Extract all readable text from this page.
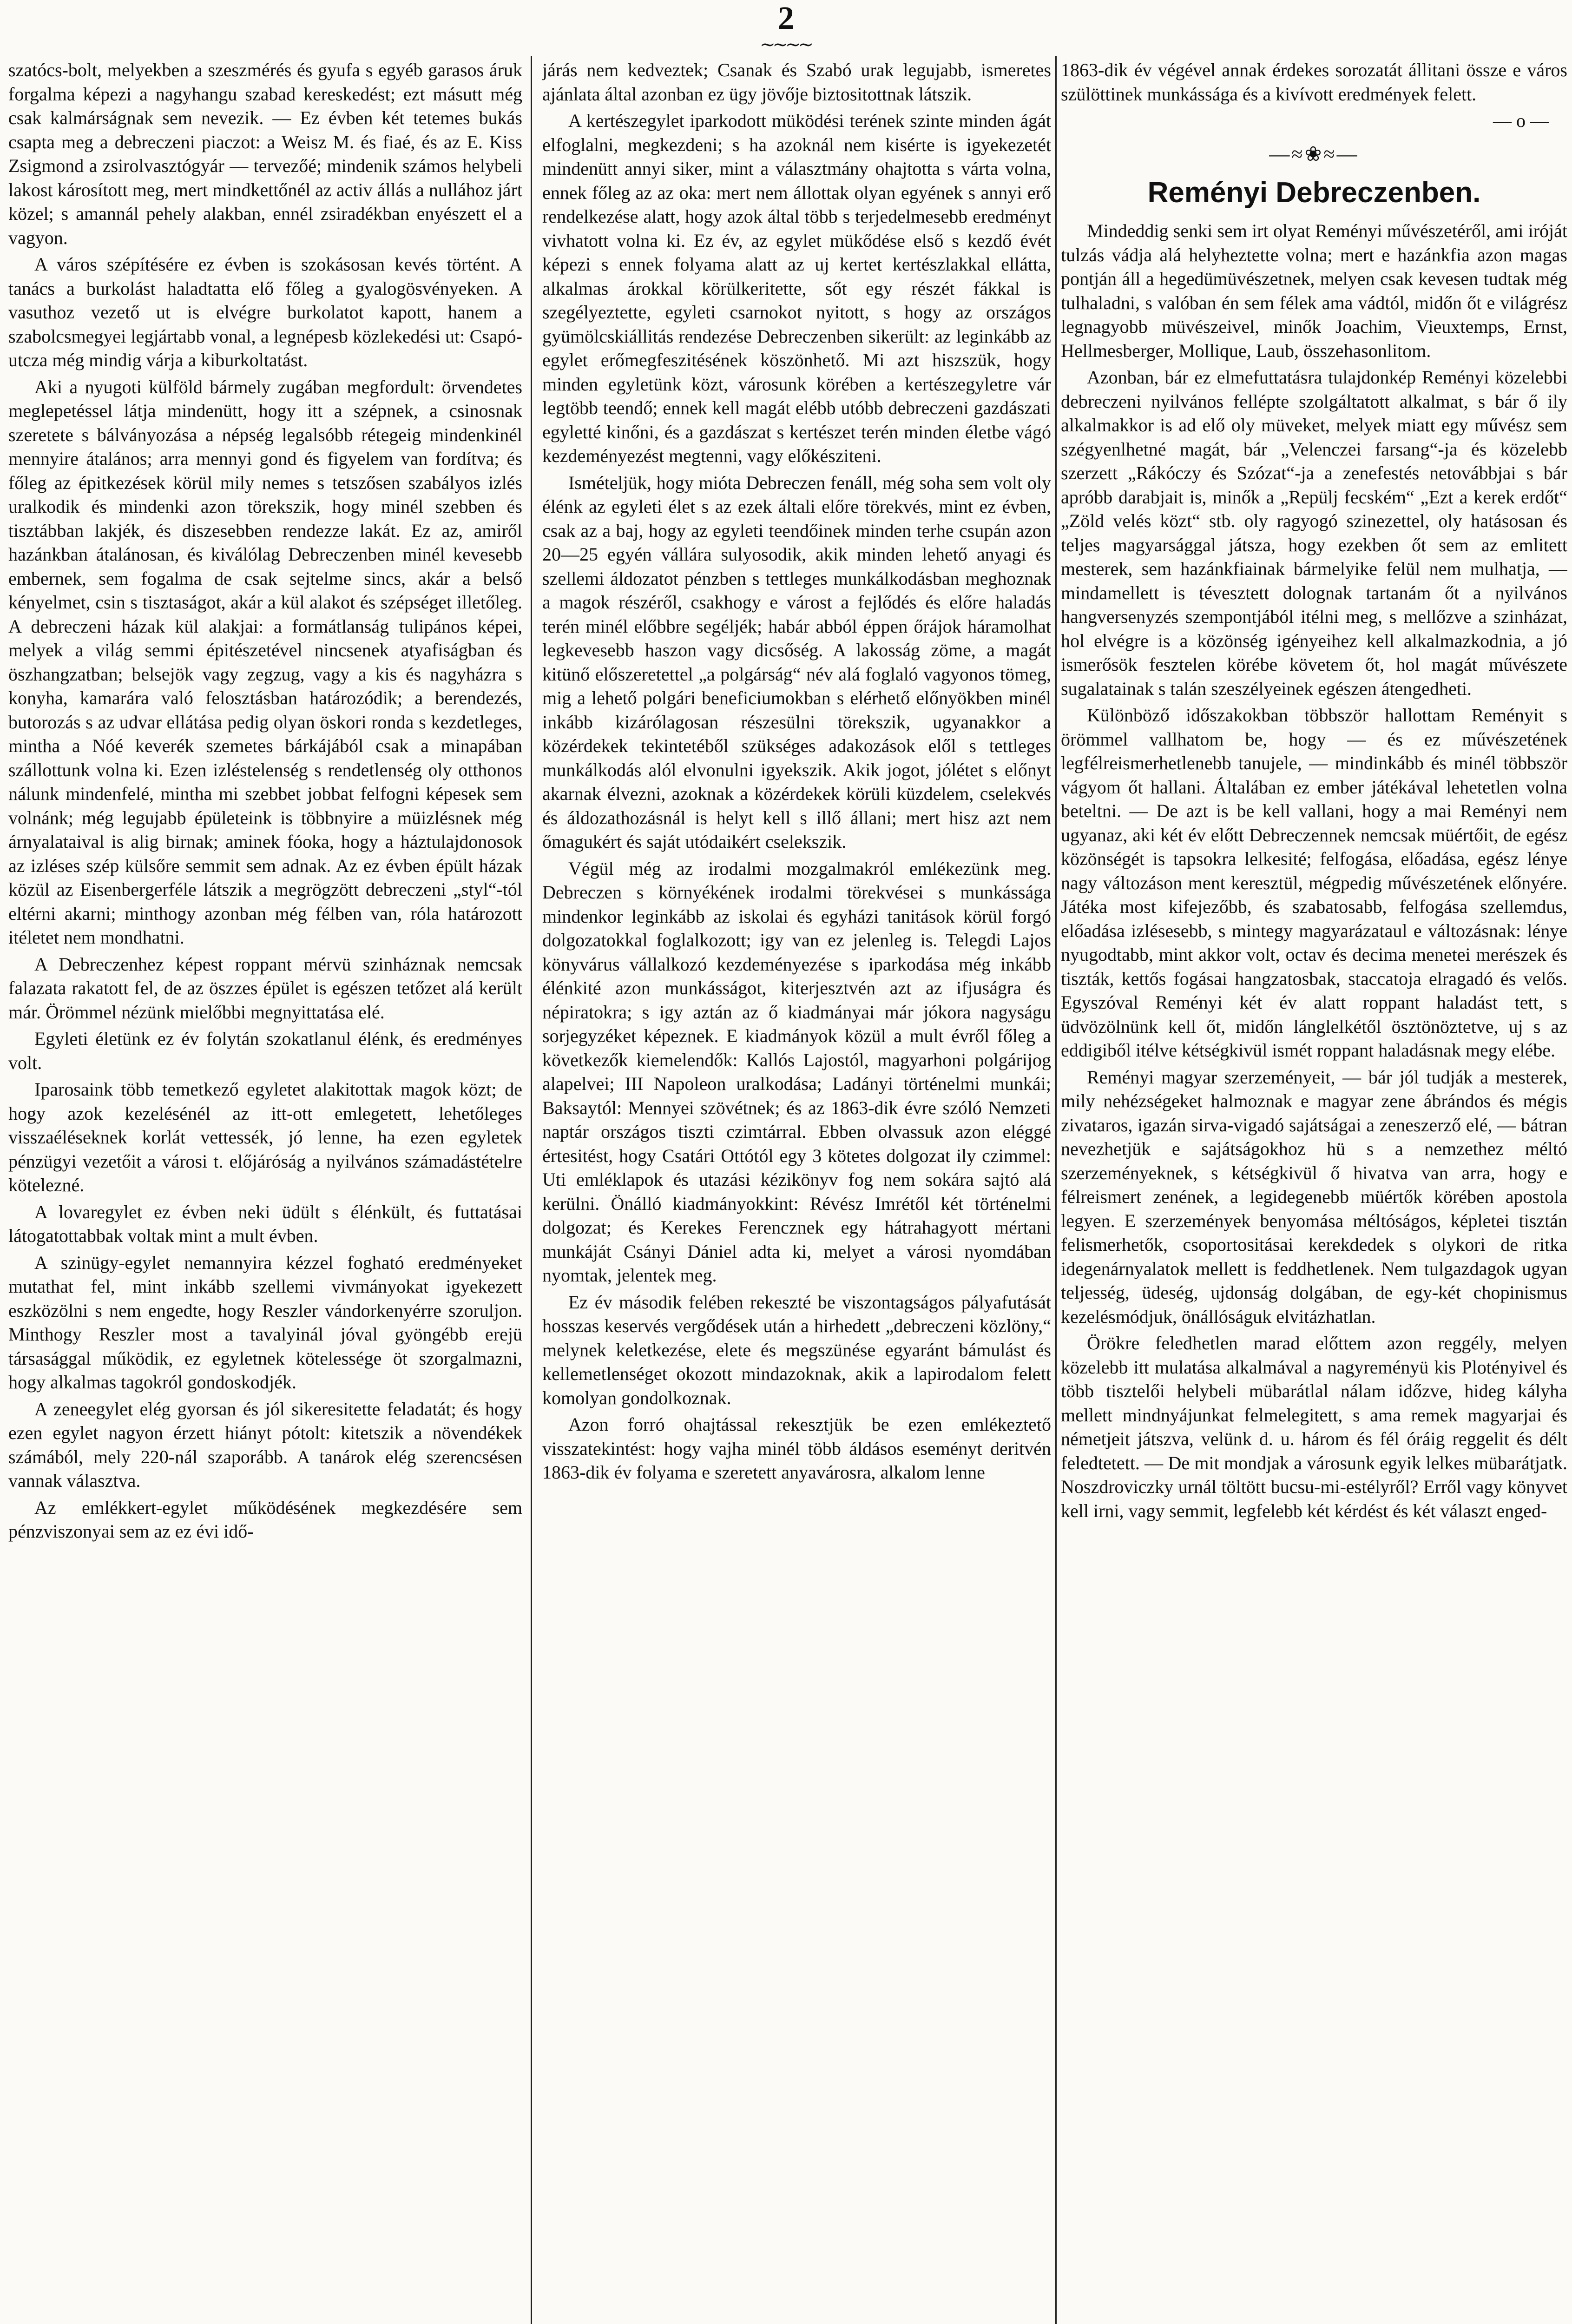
2
~~~~

szatócs-bolt, melyekben a szeszmérés és gyufa s egyéb garasos áruk forgalma képezi a nagyhangu szabad kereskedést; ezt másutt még csak kalmárságnak sem nevezik. — Ez évben két tetemes bukás csapta meg a debreczeni piaczot: a Weisz M. és fiaé, és az E. Kiss Zsigmond a zsirolvasztógyár — tervezőé; mindenik számos helybeli lakost károsított meg, mert mindkettőnél az activ állás a nullához járt közel; s amannál pehely alakban, ennél zsiradékban enyészett el a vagyon.

A város szépítésére ez évben is szokásosan kevés történt. A tanács a burkolást haladtatta elő főleg a gyalogösvényeken. A vasuthoz vezető ut is elvégre burkolatot kapott, hanem a szabolcsmegyei legjártabb vonal, a legnépesb közlekedési ut: Csapó-utcza még mindig várja a kiburkoltatást.

Aki a nyugoti külföld bármely zugában megfordult: örvendetes meglepetéssel látja mindenütt, hogy itt a szépnek, a csinosnak szeretete s bálványozása a népség legalsóbb rétegeig mindenkinél mennyire átalános; arra mennyi gond és figyelem van fordítva; és főleg az épitkezések körül mily nemes s tetszősen szabályos izlés uralkodik és mindenki azon törekszik, hogy minél szebben és tisztábban lakjék, és diszesebben rendezze lakát. Ez az, amiről hazánkban átalánosan, és kiválólag Debreczenben minél kevesebb embernek, sem fogalma de csak sejtelme sincs, akár a belső kényelmet, csin s tisztaságot, akár a kül alakot és szépséget illetőleg. A debreczeni házak kül alakjai: a formátlanság tulipános képei, melyek a világ semmi épitészetével nincsenek atyafiságban és öszhangzatban; belsejök vagy zegzug, vagy a kis és nagyházra s konyha, kamarára való felosztásban határozódik; a berendezés, butorozás s az udvar ellátása pedig olyan öskori ronda s kezdetleges, mintha a Nóé keverék szemetes bárkájából csak a minapában szállottunk volna ki. Ezen izléstelenség s rendetlenség oly otthonos nálunk mindenfelé, mintha mi szebbet jobbat felfogni képesek sem volnánk; még legujabb épületeink is többnyire a müizlésnek még árnyalataival is alig birnak; aminek fóoka, hogy a háztulajdonosok az izléses szép külsőre semmit sem adnak. Az ez évben épült házak közül az Eisenbergerféle látszik a megrögzött debreczeni „styl“-tól eltérni akarni; minthogy azonban még félben van, róla határozott itéletet nem mondhatni.

A Debreczenhez képest roppant mérvü szinháznak nemcsak falazata rakatott fel, de az öszzes épület is egészen tetőzet alá került már. Örömmel nézünk mielőbbi megnyittatása elé.

Egyleti életünk ez év folytán szokatlanul élénk, és eredményes volt.

Iparosaink több temetkező egyletet alakitottak magok közt; de hogy azok kezelésénél az itt-ott emlegetett, lehetőleges visszaéléseknek korlát vettessék, jó lenne, ha ezen egyletek pénzügyi vezetőit a városi t. előjáróság a nyilvános számadástételre kötelezné.

A lovaregylet ez évben neki üdült s élénkült, és futtatásai látogatottabbak voltak mint a mult évben.

A szinügy-egylet nemannyira kézzel fogható eredményeket mutathat fel, mint inkább szellemi vivmányokat igyekezett eszközölni s nem engedte, hogy Reszler vándorkenyérre szoruljon. Minthogy Reszler most a tavalyinál jóval gyöngébb erejü társasággal működik, ez egyletnek kötelessége öt szorgalmazni, hogy alkalmas tagokról gondoskodjék.

A zeneegylet elég gyorsan és jól sikeresitette feladatát; és hogy ezen egylet nagyon érzett hiányt pótolt: kitetszik a növendékek számából, mely 220-nál szaporább. A tanárok elég szerencsésen vannak választva.

Az emlékkert-egylet működésének megkezdésére sem pénzviszonyai sem az ez évi idő-

járás nem kedveztek; Csanak és Szabó urak legujabb, ismeretes ajánlata által azonban ez ügy jövője biztositottnak látszik.

A kertészegylet iparkodott müködési terének szinte minden ágát elfoglalni, megkezdeni; s ha azoknál nem kisérte is igyekezetét mindenütt annyi siker, mint a választmány ohajtotta s várta volna, ennek főleg az az oka: mert nem állottak olyan egyének s annyi erő rendelkezése alatt, hogy azok által több s terjedelmesebb eredményt vivhatott volna ki. Ez év, az egylet mükődése első s kezdő évét képezi s ennek folyama alatt az uj kertet kertészlakkal ellátta, alkalmas árokkal körülkeritette, sőt egy részét fákkal is szegélyeztette, egyleti csarnokot nyitott, s hogy az országos gyümölcskiállitás rendezése Debreczenben sikerült: az leginkább az egylet erőmegfeszitésének köszönhető. Mi azt hiszszük, hogy minden egyletünk közt, városunk körében a kertészegyletre vár legtöbb teendő; ennek kell magát elébb utóbb debreczeni gazdászati egyletté kinőni, és a gazdászat s kertészet terén minden életbe vágó kezdeményezést megtenni, vagy előkésziteni.

Ismételjük, hogy mióta Debreczen fenáll, még soha sem volt oly élénk az egyleti élet s az ezek általi előre törekvés, mint ez évben, csak az a baj, hogy az egyleti teendőinek minden terhe csupán azon 20—25 egyén vállára sulyosodik, akik minden lehető anyagi és szellemi áldozatot pénzben s tettleges munkálkodásban meghoznak a magok részéről, csakhogy e várost a fejlődés és előre haladás terén minél előbbre segéljék; habár abból éppen őrájok háramolhat legkevesebb haszon vagy dicsőség. A lakosság zöme, a magát kitünő előszeretettel „a polgárság“ név alá foglaló vagyonos tömeg, mig a lehető polgári beneficiumokban s elérhető előnyökben minél inkább kizárólagosan részesülni törekszik, ugyanakkor a közérdekek tekintetéből szükséges adakozások elől s tettleges munkálkodás alól elvonulni igyekszik. Akik jogot, jólétet s előnyt akarnak élvezni, azoknak a közérdekek körüli küzdelem, cselekvés és áldozathozásnál is helyt kell s illő állani; mert hisz azt nem őmagukért és saját utódaikért cselekszik.

Végül még az irodalmi mozgalmakról emlékezünk meg. Debreczen s környékének irodalmi törekvései s munkássága mindenkor leginkább az iskolai és egyházi tanitások körül forgó dolgozatokkal foglalkozott; igy van ez jelenleg is. Telegdi Lajos könyvárus vállalkozó kezdeményezése s iparkodása még inkább élénkité azon munkásságot, kiterjesztvén azt az ifjuságra és népiratokra; s igy aztán az ő kiadmányai már jókora nagyságu sorjegyzéket képeznek. E kiadmányok közül a mult évről főleg a következők kiemelendők: Kallós Lajostól, magyarhoni polgárijog alapelvei; III Napoleon uralkodása; Ladányi történelmi munkái; Baksaytól: Mennyei szövétnek; és az 1863-dik évre szóló Nemzeti naptár országos tiszti czimtárral. Ebben olvassuk azon eléggé értesitést, hogy Csatári Ottótól egy 3 kötetes dolgozat ily czimmel: Uti emléklapok és utazási kézikönyv fog nem sokára sajtó alá kerülni. Önálló kiadmányokkint: Révész Imrétől két történelmi dolgozat; és Kerekes Ferencznek egy hátrahagyott mértani munkáját Csányi Dániel adta ki, melyet a városi nyomdában nyomtak, jelentek meg.

Ez év második felében rekeszté be viszontagságos pályafutását hosszas keservés vergődések után a hirhedett „debreczeni közlöny,“ melynek keletkezése, elete és megszünése egyaránt bámulást és kellemetlenséget okozott mindazoknak, akik a lapirodalom felett komolyan gondolkoznak.

Azon forró ohajtással rekesztjük be ezen emlékeztető visszatekintést: hogy vajha minél több áldásos eseményt deritvén 1863-dik év folyama e szeretett anyavárosra, alkalom lenne

1863-dik év végével annak érdekes sorozatát állitani össze e város szülöttinek munkássága és a kivívott eredmények felett.

— o —
—≈❀≈—
Reményi Debreczenben.

Mindeddig senki sem irt olyat Reményi művészetéről, ami iróját tulzás vádja alá helyheztette volna; mert e hazánkfia azon magas pontján áll a hegedümüvészetnek, melyen csak kevesen tudtak még tulhaladni, s valóban én sem félek ama vádtól, midőn őt e világrész legnagyobb müvészeivel, minők Joachim, Vieuxtemps, Ernst, Hellmesberger, Mollique, Laub, összehasonlitom.

Azonban, bár ez elmefuttatásra tulajdonkép Reményi közelebbi debreczeni nyilvános fellépte szolgáltatott alkalmat, s bár ő ily alkalmakkor is ad elő oly müveket, melyek miatt egy művész sem szégyenlhetné magát, bár „Velenczei farsang“-ja és közelebb szerzett „Rákóczy és Szózat“-ja a zenefestés netovábbjai s bár apróbb darabjait is, minők a „Repülj fecském“ „Ezt a kerek erdőt“ „Zöld velés közt“ stb. oly ragyogó szinezettel, oly hatásosan és teljes magyarsággal játsza, hogy ezekben őt sem az emlitett mesterek, sem hazánkfiainak bármelyike felül nem mulhatja, — mindamellett is tévesztett dolognak tartanám őt a nyilvános hangversenyzés szempontjából itélni meg, s mellőzve a szinházat, hol elvégre is a közönség igényeihez kell alkalmazkodnia, a jó ismerősök fesztelen körébe követem őt, hol magát művészete sugalatainak s talán szeszélyeinek egészen átengedheti.

Különböző időszakokban többször hallottam Reményit s örömmel vallhatom be, hogy — és ez művészetének legfélreismerhetlenebb tanujele, — mindinkább és minél többször vágyom őt hallani. Általában ez ember játékával lehetetlen volna beteltni. — De azt is be kell vallani, hogy a mai Reményi nem ugyanaz, aki két év előtt Debreczennek nemcsak müértőit, de egész közönségét is tapsokra lelkesité; felfogása, előadása, egész lénye nagy változáson ment keresztül, mégpedig művészetének előnyére. Játéka most kifejezőbb, és szabatosabb, felfogása szellemdus, előadása izlésesebb, s mintegy magyarázataul e változásnak: lénye nyugodtabb, mint akkor volt, octav és decima menetei merészek és tiszták, kettős fogásai hangzatosbak, staccatoja elragadó és velős. Egyszóval Reményi két év alatt roppant haladást tett, s üdvözölnünk kell őt, midőn lánglelkétől ösztönöztetve, uj s az eddigiből itélve kétségkivül ismét roppant haladásnak megy elébe.

Reményi magyar szerzeményeit, — bár jól tudják a mesterek, mily nehézségeket halmoznak e magyar zene ábrándos és mégis zivataros, igazán sirva-vigadó sajátságai a zeneszerző elé, — bátran nevezhetjük e sajátságokhoz hü s a nemzethez méltó szerzeményeknek, s kétségkivül ő hivatva van arra, hogy e félreismert zenének, a legidegenebb müértők körében apostola legyen. E szerzemények benyomása méltóságos, képletei tisztán felismerhetők, csoportositásai kerekdedek s olykori de ritka idegenárnyalatok mellett is feddhetlenek. Nem tulgazdagok ugyan teljesség, üdeség, ujdonság dolgában, de egy-két chopinismus kezelésmódjuk, önállóságuk elvitázhatlan.

Örökre feledhetlen marad előttem azon reggély, melyen közelebb itt mulatása alkalmával a nagyreményü kis Plotényivel és több tisztelői helybeli mübarátlal nálam időzve, hideg kályha mellett mindnyájunkat felmelegitett, s ama remek magyarjai és németjeit játszva, velünk d. u. három és fél óráig reggelit és délt feledtetett. — De mit mondjak a városunk egyik lelkes mübarátjatk. Noszdroviczky urnál töltött bucsu-mi-estélyről? Erről vagy könyvet kell irni, vagy semmit, legfelebb két kérdést és két választ enged-
